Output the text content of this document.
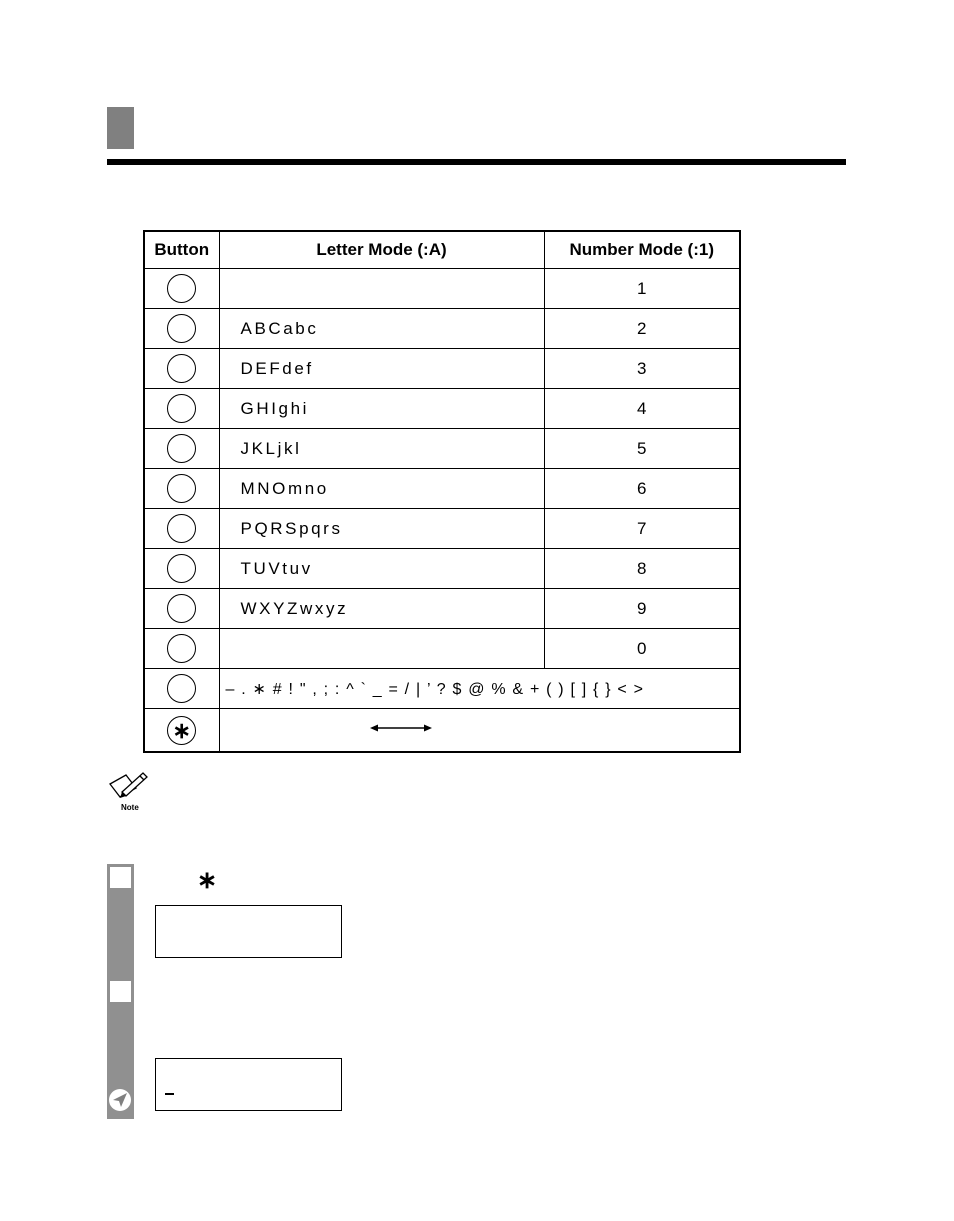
Button	Letter Mode (:A)	Number Mode (:1)
		1
	ABCabc	2
	DEFdef	3
	GHIghi	4
	JKLjkl	5
	MNOmno	6
	PQRSpqrs	7
	TUVtuv	8
	WXYZwxyz	9
		0
	– . ∗ # ! " , ; : ^ ` _ = / | ’ ? $ @ % & + ( ) [ ] { } < >	
∗	
Note
∗
